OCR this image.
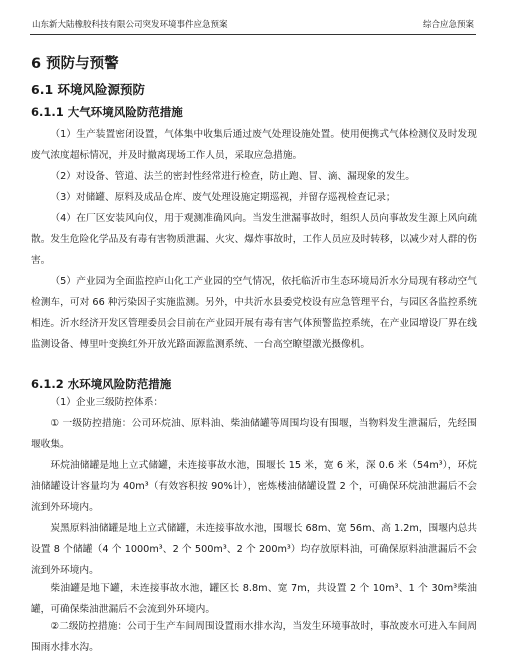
山东新大陆橡胶科技有限公司突发环境事件应急预案	综合应急预案
6 预防与预警
6.1 环境风险源预防
6.1.1 大气环境风险防范措施
（1）生产装置密闭设置，气体集中收集后通过废气处理设施处置。使用便携式气体检测仪及时发现废气浓度超标情况，并及时撤离现场工作人员，采取应急措施。
（2）对设备、管道、法兰的密封性经常进行检查，防止跑、冒、滴、漏现象的发生。
（3）对储罐、原料及成品仓库、废气处理设施定期巡视，并留存巡视检查记录；
（4）在厂区安装风向仪，用于观测准确风向。当发生泄漏事故时，组织人员向事故发生源上风向疏散。发生危险化学品及有毒有害物质泄漏、火灾、爆炸事故时，工作人员应及时转移，以减少对人群的伤害。
（5）产业园为全面监控庐山化工产业园的空气情况，依托临沂市生态环境局沂水分局现有移动空气检测车，可对 66 种污染因子实施监测。另外，中共沂水县委党校设有应急管理平台，与园区各监控系统相连。沂水经济开发区管理委员会目前在产业园开展有毒有害气体预警监控系统，在产业园增设厂界在线监测设备、傅里叶变换红外开放光路面源监测系统、一台高空瞭望激光摄像机。
6.1.2 水环境风险防范措施
（1）企业三级防控体系：
① 一级防控措施：公司环烷油、原料油、柴油储罐等周围均设有围堰，当物料发生泄漏后，先经围堰收集。
环烷油储罐是地上立式储罐，未连接事故水池，围堰长 15 米，宽 6 米，深 0.6 米（54m³），环烷油储罐设计容量均为 40m³（有效容积按 90%计），密炼楼油储罐设置 2 个，可确保环烷油泄漏后不会流到外环境内。
炭黑原料油储罐是地上立式储罐，未连接事故水池，围堰长 68m、宽 56m、高 1.2m，围堰内总共设置 8 个储罐（4 个 1000m³、2 个 500m³、2 个 200m³）均存放原料油，可确保原料油泄漏后不会流到外环境内。
柴油罐是地下罐，未连接事故水池，罐区长 8.8m、宽 7m，共设置 2 个 10m³、1 个 30m³柴油罐，可确保柴油泄漏后不会流到外环境内。
②二级防控措施：公司于生产车间周围设置雨水排水沟，当发生环境事故时，事故废水可进入车间周围雨水排水沟。
